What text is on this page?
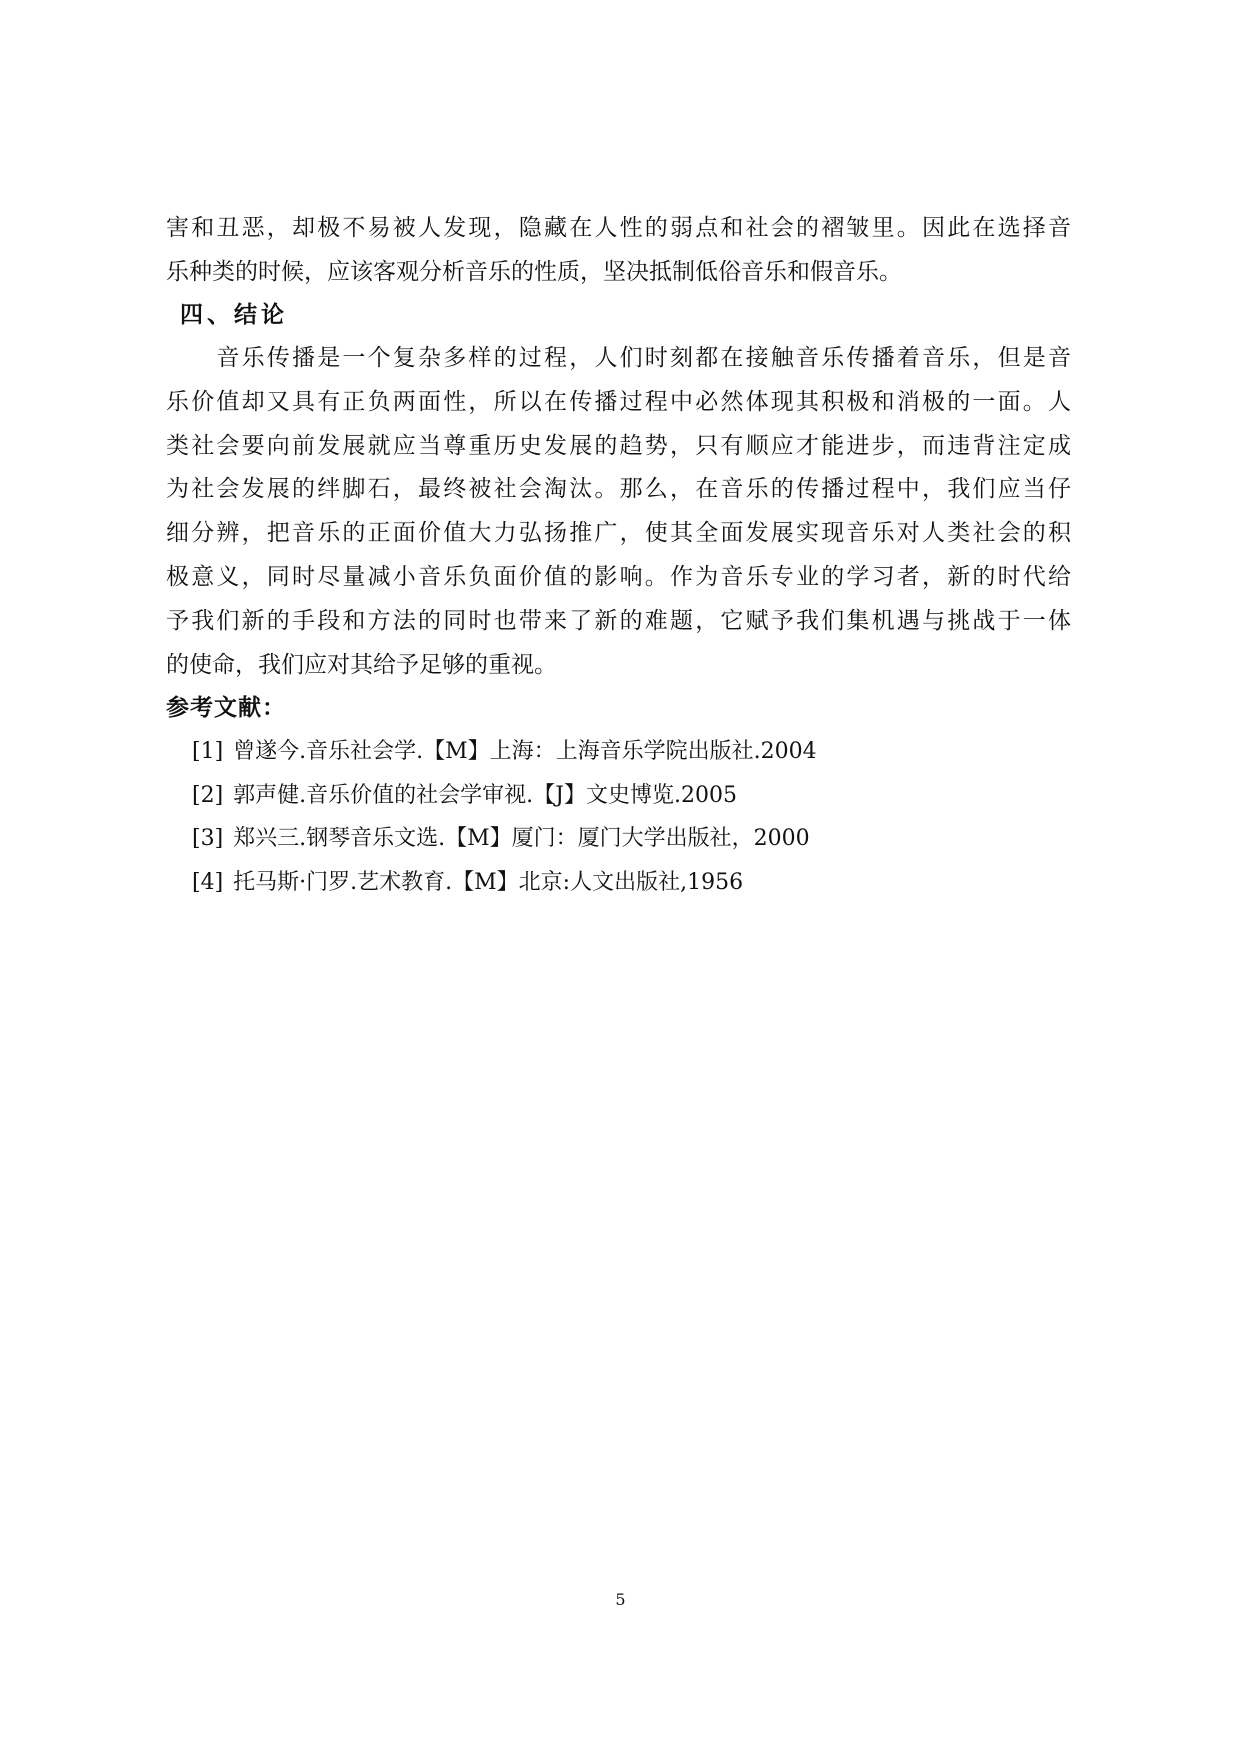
害和丑恶，却极不易被人发现，隐藏在人性的弱点和社会的褶皱里。因此在选择音
乐种类的时候，应该客观分析音乐的性质，坚决抵制低俗音乐和假音乐。
四、结论
　　音乐传播是一个复杂多样的过程，人们时刻都在接触音乐传播着音乐，但是音
乐价值却又具有正负两面性，所以在传播过程中必然体现其积极和消极的一面。人
类社会要向前发展就应当尊重历史发展的趋势，只有顺应才能进步，而违背注定成
为社会发展的绊脚石，最终被社会淘汰。那么，在音乐的传播过程中，我们应当仔
细分辨，把音乐的正面价值大力弘扬推广，使其全面发展实现音乐对人类社会的积
极意义，同时尽量减小音乐负面价值的影响。作为音乐专业的学习者，新的时代给
予我们新的手段和方法的同时也带来了新的难题，它赋予我们集机遇与挑战于一体
的使命，我们应对其给予足够的重视。
参考文献：
[1] 曾遂今.音乐社会学.【M】上海：上海音乐学院出版社.2004
[2] 郭声健.音乐价值的社会学审视.【J】文史博览.2005
[3] 郑兴三.钢琴音乐文选.【M】厦门：厦门大学出版社，2000
[4] 托马斯·门罗.艺术教育.【M】北京:人文出版社,1956
5
